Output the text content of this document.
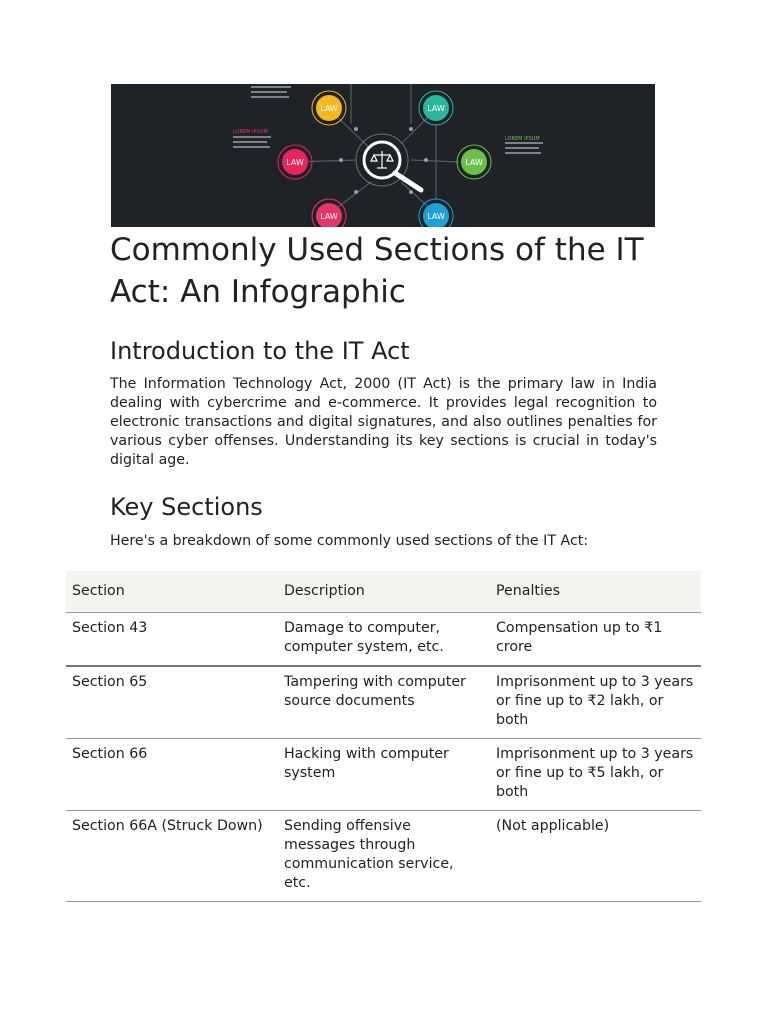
LOREM IPSUM
LOREM IPSUM
LAW	LAW
LAW	LAW
LAW	LAW
Commonly Used Sections of the IT Act: An Infographic
Introduction to the IT Act

The Information Technology Act, 2000 (IT Act) is the primary law in India dealing with cybercrime and e-commerce. It provides legal recognition to electronic transactions and digital signatures, and also outlines penalties for various cyber offenses. Understanding its key sections is crucial in today's digital age.

Key Sections

Here's a breakdown of some commonly used sections of the IT Act:

Section	Description	Penalties
Section 43	Damage to computer, computer system, etc.	Compensation up to ₹1 crore
Section 65	Tampering with computer source documents	Imprisonment up to 3 years or fine up to ₹2 lakh, or both
Section 66	Hacking with computer system	Imprisonment up to 3 years or fine up to ₹5 lakh, or both
Section 66A (Struck Down)	Sending offensive messages through communication service, etc.	(Not applicable)
